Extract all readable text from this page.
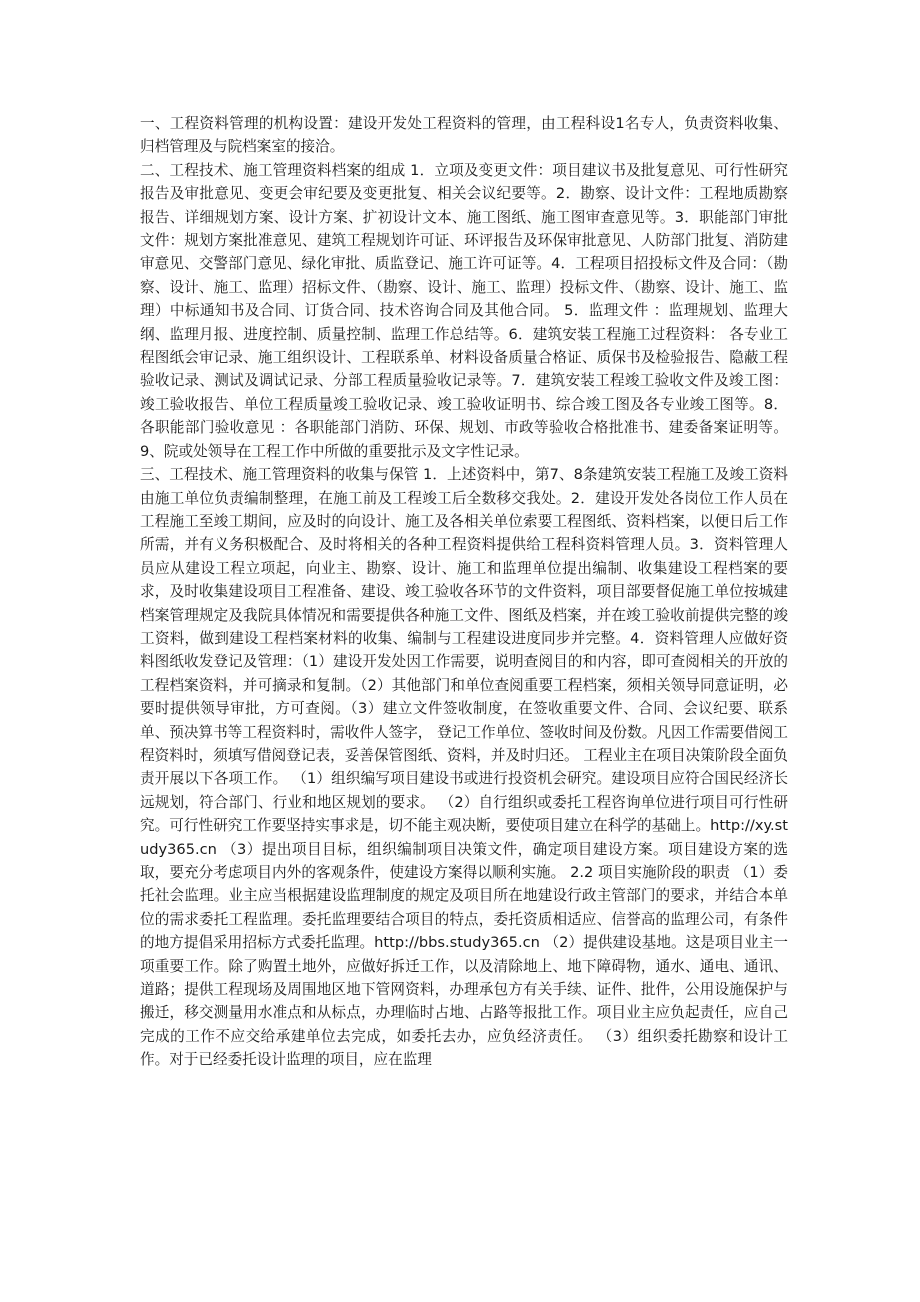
一、工程资料管理的机构设置：建设开发处工程资料的管理，由工程科设1名专人，负责资料收集、归档管理及与院档案室的接洽。

二、工程技术、施工管理资料档案的组成 1．立项及变更文件：项目建议书及批复意见、可行性研究报告及审批意见、变更会审纪要及变更批复、相关会议纪要等。2．勘察、设计文件：工程地质勘察报告、详细规划方案、设计方案、扩初设计文本、施工图纸、施工图审查意见等。3．职能部门审批文件：规划方案批准意见、建筑工程规划许可证、环评报告及环保审批意见、人防部门批复、消防建审意见、交警部门意见、绿化审批、质监登记、施工许可证等。4．工程项目招投标文件及合同：（勘察、设计、施工、监理）招标文件、（勘察、设计、施工、监理）投标文件、（勘察、设计、施工、监理）中标通知书及合同、订货合同、技术咨询合同及其他合同。 5．监理文件 ：监理规划、监理大纲、监理月报、进度控制、质量控制、监理工作总结等。6．建筑安装工程施工过程资料： 各专业工程图纸会审记录、施工组织设计、工程联系单、材料设备质量合格证、质保书及检验报告、隐蔽工程验收记录、测试及调试记录、分部工程质量验收记录等。7．建筑安装工程竣工验收文件及竣工图：竣工验收报告、单位工程质量竣工验收记录、竣工验收证明书、综合竣工图及各专业竣工图等。8．各职能部门验收意见 ：各职能部门消防、环保、规划、市政等验收合格批准书、建委备案证明等。9、院或处领导在工程工作中所做的重要批示及文字性记录。

三、工程技术、施工管理资料的收集与保管 1．上述资料中，第7、8条建筑安装工程施工及竣工资料由施工单位负责编制整理，在施工前及工程竣工后全数移交我处。2．建设开发处各岗位工作人员在工程施工至竣工期间，应及时的向设计、施工及各相关单位索要工程图纸、资料档案，以便日后工作所需，并有义务积极配合、及时将相关的各种工程资料提供给工程科资料管理人员。3．资料管理人员应从建设工程立项起，向业主、勘察、设计、施工和监理单位提出编制、收集建设工程档案的要求，及时收集建设项目工程准备、建设、竣工验收各环节的文件资料，项目部要督促施工单位按城建档案管理规定及我院具体情况和需要提供各种施工文件、图纸及档案，并在竣工验收前提供完整的竣工资料，做到建设工程档案材料的收集、编制与工程建设进度同步并完整。4．资料管理人应做好资料图纸收发登记及管理：（1）建设开发处因工作需要，说明查阅目的和内容，即可查阅相关的开放的工程档案资料，并可摘录和复制。（2）其他部门和单位查阅重要工程档案，须相关领导同意证明，必要时提供领导审批，方可查阅。（3）建立文件签收制度，在签收重要文件、合同、会议纪要、联系单、预决算书等工程资料时，需收件人签字， 登记工作单位、签收时间及份数。凡因工作需要借阅工程资料时，须填写借阅登记表，妥善保管图纸、资料，并及时归还。 工程业主在项目决策阶段全面负责开展以下各项工作。 （1）组织编写项目建设书或进行投资机会研究。建设项目应符合国民经济长远规划，符合部门、行业和地区规划的要求。 （2）自行组织或委托工程咨询单位进行项目可行性研究。可行性研究工作要坚持实事求是，切不能主观决断，要使项目建立在科学的基础上。http://xy.study365.cn （3）提出项目目标，组织编制项目决策文件，确定项目建设方案。项目建设方案的选取，要充分考虑项目内外的客观条件，使建设方案得以顺利实施。 2.2 项目实施阶段的职责 （1）委托社会监理。业主应当根据建设监理制度的规定及项目所在地建设行政主管部门的要求，并结合本单位的需求委托工程监理。委托监理要结合项目的特点，委托资质相适应、信誉高的监理公司，有条件的地方提倡采用招标方式委托监理。http://bbs.study365.cn （2）提供建设基地。这是项目业主一项重要工作。除了购置土地外，应做好拆迁工作，以及清除地上、地下障碍物，通水、通电、通讯、道路；提供工程现场及周围地区地下管网资料，办理承包方有关手续、证件、批件，公用设施保护与搬迁，移交测量用水准点和从标点，办理临时占地、占路等报批工作。项目业主应负起责任，应自己完成的工作不应交给承建单位去完成，如委托去办，应负经济责任。 （3）组织委托勘察和设计工作。对于已经委托设计监理的项目，应在监理
